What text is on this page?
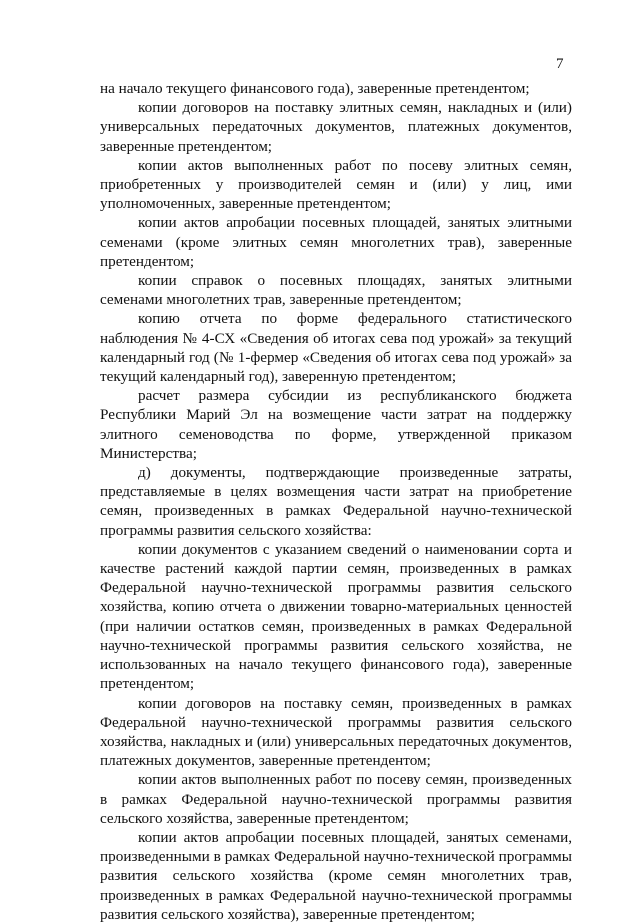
7

на начало текущего финансового года), заверенные претендентом;

копии договоров на поставку элитных семян, накладных и (или) универсальных передаточных документов, платежных документов, заверенные претендентом;

копии актов выполненных работ по посеву элитных семян, приобретенных у производителей семян и (или) у лиц, ими уполномоченных, заверенные претендентом;

копии актов апробации посевных площадей, занятых элитными семенами (кроме элитных семян многолетних трав), заверенные претендентом;

копии справок о посевных площадях, занятых элитными семенами многолетних трав, заверенные претендентом;

копию отчета по форме федерального статистического наблюдения № 4-СХ «Сведения об итогах сева под урожай» за текущий календарный год (№ 1-фермер «Сведения об итогах сева под урожай» за текущий календарный год), заверенную претендентом;

расчет размера субсидии из республиканского бюджета Республики Марий Эл на возмещение части затрат на поддержку элитного семеноводства по форме, утвержденной приказом Министерства;

д) документы, подтверждающие произведенные затраты, представляемые в целях возмещения части затрат на приобретение семян, произведенных в рамках Федеральной научно-технической программы развития сельского хозяйства:

копии документов с указанием сведений о наименовании сорта и качестве растений каждой партии семян, произведенных в рамках Федеральной научно-технической программы развития сельского хозяйства, копию отчета о движении товарно-материальных ценностей (при наличии остатков семян, произведенных в рамках Федеральной научно-технической программы развития сельского хозяйства, не использованных на начало текущего финансового года), заверенные претендентом;

копии договоров на поставку семян, произведенных в рамках Федеральной научно-технической программы развития сельского хозяйства, накладных и (или) универсальных передаточных документов, платежных документов, заверенные претендентом;

копии актов выполненных работ по посеву семян, произведенных в рамках Федеральной научно-технической программы развития сельского хозяйства, заверенные претендентом;

копии актов апробации посевных площадей, занятых семенами, произведенными в рамках Федеральной научно-технической программы развития сельского хозяйства (кроме семян многолетних трав, произведенных в рамках Федеральной научно-технической программы развития сельского хозяйства), заверенные претендентом;
